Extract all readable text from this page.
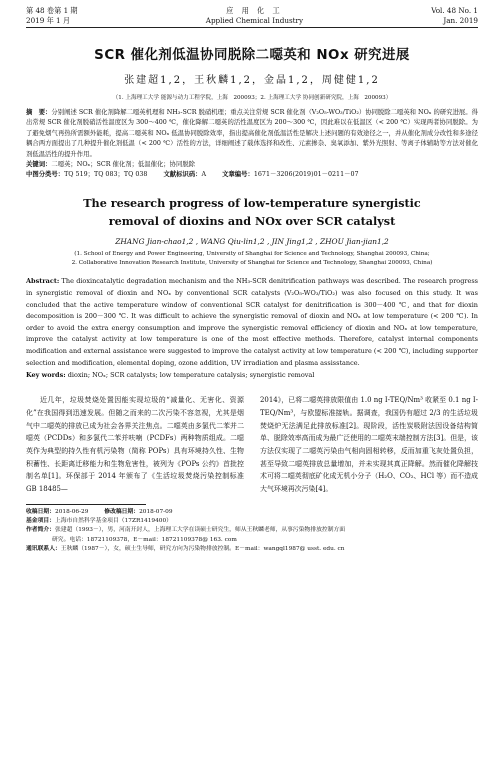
第 48 卷第 1 期
2019 年 1 月
应 用 化 工
Applied Chemical Industry
Vol. 48 No. 1
Jan. 2019
SCR 催化剂低温协同脱除二噁英和 NOx 研究进展
张建超1,2，王秋麟1,2，金晶1,2，周健健1,2
（1. 上海理工大学 能源与动力工程学院，上海　200093；2. 上海理工大学 协同创新研究院，上海　200093）
摘　要：分别阐述 SCR 催化剂降解二噁英机理和 NH₃-SCR 脱硝机理；重点关注常规 SCR 催化剂（V₂O₅-WO₃/TiO₂）协同脱除二噁英和 NOₓ 的研究进展。得出常规 SCR 催化剂脱硝活性温度区为 300～400 ℃，催化降解二噁英的活性温度区为 200～300 ℃，因此难以在低温区（< 200 ℃）实现两者协同脱除。为了避免烟气再热所需额外能耗，提高二噁英和 NOₓ 低温协同脱除效率，指出提高催化剂低温活性是解决上述问题的有效途径之一，并从催化剂成分改性和多途径耦合两方面提出了几种提升催化剂低温（< 200 ℃）活性的方法，详细阐述了载体选择和改性、元素掺杂、臭氧添加、紫外光照射、等离子体辅助等方法对催化剂低温活性的提升作用。
关键词：二噁英；NOₓ；SCR 催化剂；低温催化；协同脱除
中图分类号：TQ 519；TQ 083；TQ 038	文献标识码：A	文章编号：1671－3206(2019)01－0211－07
The research progress of low-temperature synergistic
removal of dioxins and NOx over SCR catalyst
ZHANG Jian-chao1,2 , WANG Qiu-lin1,2 , JIN Jing1,2 , ZHOU Jian-jian1,2
(1. School of Energy and Power Engineering, University of Shanghai for Science and Technology, Shanghai 200093, China;
2. Collaborative Innovation Research Institute, University of Shanghai for Science and Technology, Shanghai 200093, China)
Abstract: The dioxincatalytic degradation mechanism and the NH₃-SCR denitrification pathways was described. The research progress in synergistic removal of dioxin and NOₓ by conventional SCR catalysts (V₂O₅-WO₃/TiO₂) was also focused on this study. It was concluded that the active temperature window of conventional SCR catalyst for denitrification is 300－400 ℃, and that for dioxin decomposition is 200－300 ℃. It was difficult to achieve the synergistic removal of dioxin and NOₓ at low temperature (< 200 ℃). In order to avoid the extra energy consumption and improve the synergistic removal efficiency of dioxin and NOₓ at low temperature, improve the catalyst activity at low temperature is one of the most effective methods. Therefore, catalyst internal components modification and external assistance were suggested to improve the catalyst activity at low temperature (< 200 ℃), including supporter selection and modification, elemental doping, ozone addition, UV irradiation and plasma assisstance.
Key words: dioxin; NOₓ; SCR catalysts; low temperature catalysis; synergistic removal

近几年，垃圾焚烧处置因能实现垃圾的“减量化、无害化、资源化”在我国得到迅速发展。但随之而来的二次污染不容忽视，尤其是烟气中二噁英的排放已成为社会各界关注焦点。二噁英由多氯代二苯并二噁英（PCDDs）和多氯代二苯并呋喃（PCDFs）两种物质组成。二噁英作为典型的持久性有机污染物（简称 POPs）具有环境持久性、生物积蓄性、长距离迁移能力和生物危害性，被列为《POPs 公约》首批控制名单[1]。环保部于 2014 年颁布了《生活垃圾焚烧污染控制标准 GB 18485—

2014》，已将二噁英排放限值由 1.0 ng I-TEQ/Nm³ 收紧至 0.1 ng I-TEQ/Nm³，与欧盟标准接轨。据调查，我国仍有超过 2/3 的生活垃圾焚烧炉无法满足此排放标准[2]。现阶段，活性炭吸附法因设备结构简单、脱除效率高而成为最广泛使用的二噁英末端控制方法[3]。但是，该方法仅实现了二噁英污染由气相向固相转移，反而加重飞灰处置负担，甚至导致二噁英排放总量增加，并未实现其真正降解。然而催化降解技术可将二噁英彻底矿化成无机小分子（H₂O、CO₂、HCl 等）而不造成大气环境再次污染[4]。

收稿日期：2018-06-29	修改稿日期：2018-07-09
基金项目：上海市自然科学基金项目（17ZR1419400）
作者简介：张建超（1993－），男，河南开封人，上海理工大学在读硕士研究生，师从王秋麟老师，从事污染物排放控制方面
研究。电话：18721109378，E－mail：18721109378@ 163. com
通讯联系人：王秋麟（1987－），女，硕士生导师，研究方向为污染物排放控制。E－mail：wangql1987@ usst. edu. cn
